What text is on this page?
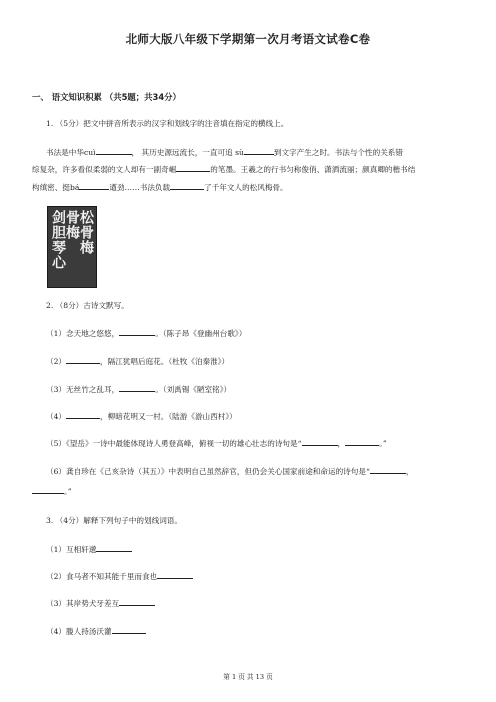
北师大版八年级下学期第一次月考语文试卷C卷
一、 语文知识积累 （共5题；共34分）
1. （5分）把文中拼音所表示的汉字和划线字的注音填在指定的横线上。
书法是中华cuì	， 其历史源远流长，一直可追 sù	到文字产生之时。书法与个性的关系错
综复杂，许多看似柔弱的文人却有一副奇崛	的笔墨。王羲之的行书匀称俊俏、潇洒流丽；颜真卿的楷书结
构缜密、挺bá	遒劲……书法负载	了千年文人的松风梅骨。
松骨梅
骨梅
剑胆琴心
2. （8分）古诗文默写。
（1）念天地之悠悠，	。（陈子昂《登幽州台歌》）
（2）	，隔江犹唱后庭花。（杜牧《泊秦淮》）
（3）无丝竹之乱耳，	。（刘禹锡《陋室铭》）
（4）	，柳暗花明又一村。（陆游《游山西村》）
（5）《望岳》一诗中最能体现诗人勇登高峰，俯视一切的雄心壮志的诗句是“	，	。”
（6）龚自珍在《己亥杂诗（其五）》中表明自己虽然辞官，但仍会关心国家前途和命运的诗句是“	，
。”
3. （4分）解释下列句子中的划线词语。
（1）互相轩邈
（2）食马者不知其能千里而食也
（3）其岸势犬牙差互
（4）媵人持汤沃灌
第 1 页 共 13 页
